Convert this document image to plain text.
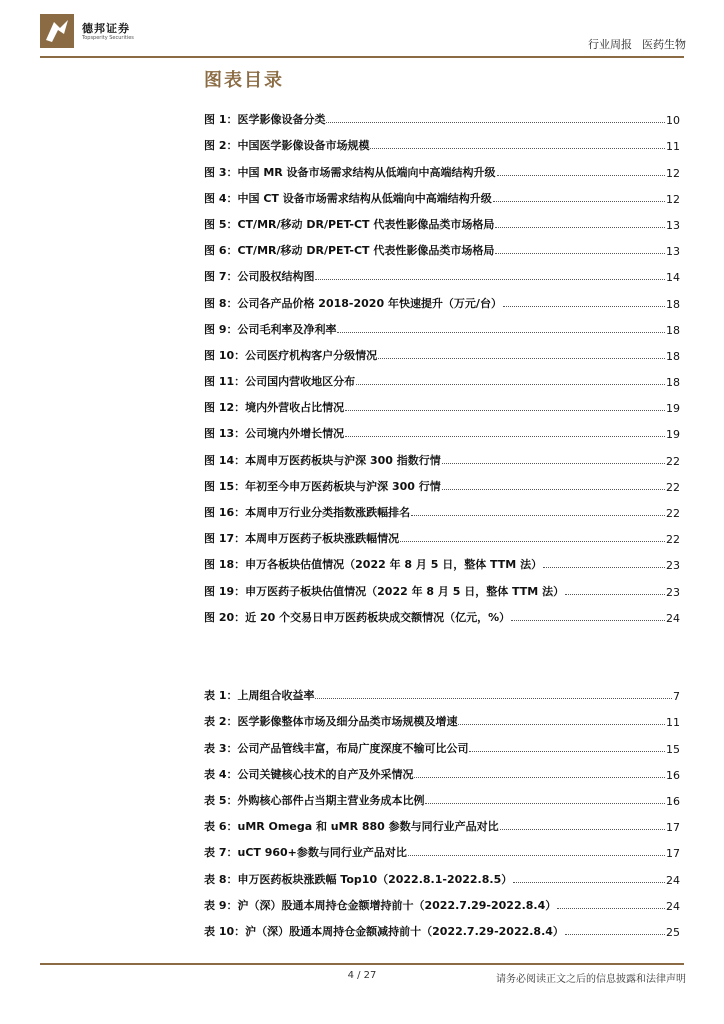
德邦证券
Topsperity Securities	行业周报 医药生物
图表目录
图 1：医学影像设备分类	10
图 2：中国医学影像设备市场规模	11
图 3：中国 MR 设备市场需求结构从低端向中高端结构升级	12
图 4：中国 CT 设备市场需求结构从低端向中高端结构升级	12
图 5：CT/MR/移动 DR/PET-CT 代表性影像品类市场格局	13
图 6：CT/MR/移动 DR/PET-CT 代表性影像品类市场格局	13
图 7：公司股权结构图	14
图 8：公司各产品价格 2018-2020 年快速提升（万元/台）	18
图 9：公司毛利率及净利率	18
图 10：公司医疗机构客户分级情况	18
图 11：公司国内营收地区分布	18
图 12：境内外营收占比情况	19
图 13：公司境内外增长情况	19
图 14：本周申万医药板块与沪深 300 指数行情	22
图 15：年初至今申万医药板块与沪深 300 行情	22
图 16：本周申万行业分类指数涨跌幅排名	22
图 17：本周申万医药子板块涨跌幅情况	22
图 18：申万各板块估值情况（2022 年 8 月 5 日，整体 TTM 法）	23
图 19：申万医药子板块估值情况（2022 年 8 月 5 日，整体 TTM 法）	23
图 20：近 20 个交易日申万医药板块成交额情况（亿元，%）	24
表 1：上周组合收益率	7
表 2：医学影像整体市场及细分品类市场规模及增速	11
表 3：公司产品管线丰富，布局广度深度不输可比公司	15
表 4：公司关键核心技术的自产及外采情况	16
表 5：外购核心部件占当期主营业务成本比例	16
表 6：uMR Omega 和 uMR 880 参数与同行业产品对比	17
表 7：uCT 960+参数与同行业产品对比	17
表 8：申万医药板块涨跌幅 Top10（2022.8.1-2022.8.5）	24
表 9：沪（深）股通本周持仓金额增持前十（2022.7.29-2022.8.4）	24
表 10：沪（深）股通本周持仓金额减持前十（2022.7.29-2022.8.4）	25
4 / 27	请务必阅读正文之后的信息披露和法律声明
